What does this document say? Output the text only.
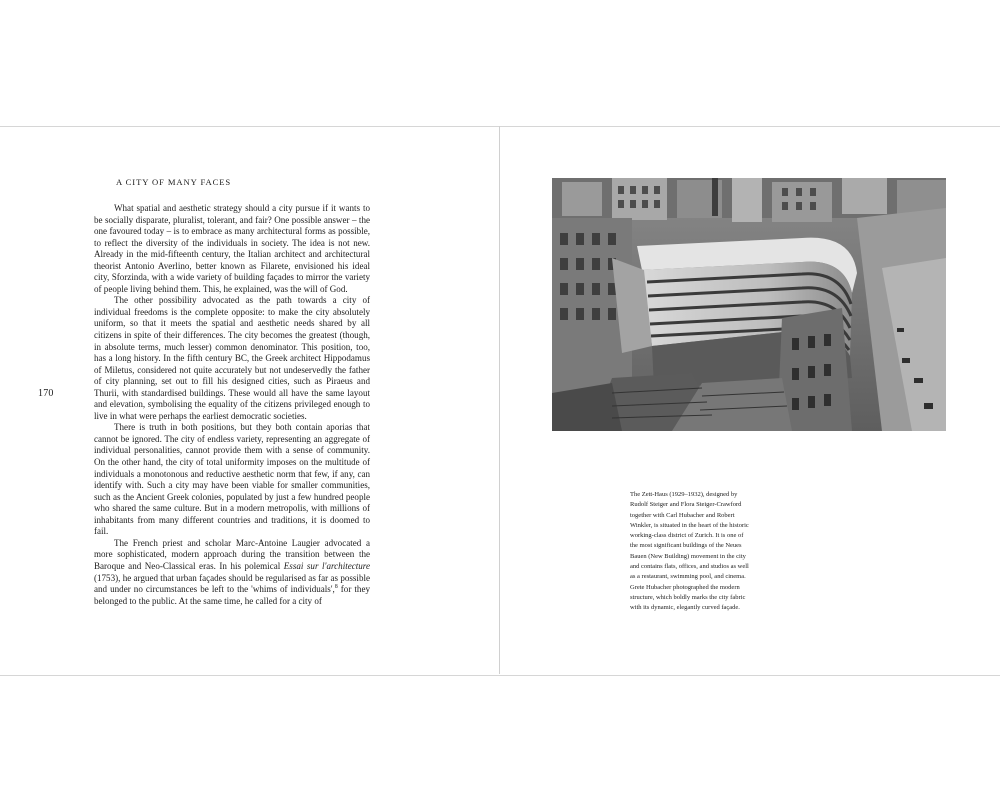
170
A CITY OF MANY FACES

What spatial and aesthetic strategy should a city pursue if it wants to be socially disparate, pluralist, tolerant, and fair? One possible answer – the one favoured today – is to embrace as many architectural forms as possible, to reflect the diversity of the individuals in society. The idea is not new. Already in the mid-fifteenth century, the Italian architect and architectural theorist Antonio Averlino, better known as Filarete, envisioned his ideal city, Sforzinda, with a wide variety of building façades to mirror the variety of people living behind them. This, he explained, was the will of God.

The other possibility advocated as the path towards a city of individual freedoms is the complete opposite: to make the city absolutely uniform, so that it meets the spatial and aesthetic needs shared by all citizens in spite of their differences. The city becomes the greatest (though, in absolute terms, much lesser) common denominator. This position, too, has a long history. In the fifth century BC, the Greek architect Hippodamus of Miletus, considered not quite accurately but not undeservedly the father of city planning, set out to fill his designed cities, such as Piraeus and Thurii, with standardised buildings. These would all have the same layout and elevation, symbolising the equality of the citizens privileged enough to live in what were perhaps the earliest democratic societies.

There is truth in both positions, but they both contain aporias that cannot be ignored. The city of endless variety, representing an aggregate of individual personalities, cannot provide them with a sense of community. On the other hand, the city of total uniformity imposes on the multitude of individuals a monotonous and reductive aesthetic norm that few, if any, can identify with. Such a city may have been viable for smaller communities, such as the Ancient Greek colonies, populated by just a few hundred people who shared the same culture. But in a modern metropolis, with millions of inhabitants from many different countries and traditions, it is doomed to fail.

The French priest and scholar Marc-Antoine Laugier advocated a more sophisticated, modern approach during the transition between the Baroque and Neo-Classical eras. In his polemical Essai sur l'architecture (1753), he argued that urban façades should be regularised as far as possible and under no circumstances be left to the 'whims of individuals',$^8$ for they belonged to the public. At the same time, he called for a city of

The Zett-Haus (1929–1932), designed by
Rudolf Steiger and Flora Steiger-Crawford
together with Carl Hubacher and Robert
Winkler, is situated in the heart of the historic
working-class district of Zurich. It is one of
the most significant buildings of the Neues
Bauen (New Building) movement in the city
and contains flats, offices, and studios as well
as a restaurant, swimming pool, and cinema.
Grete Hubacher photographed the modern
structure, which boldly marks the city fabric
with its dynamic, elegantly curved façade.
